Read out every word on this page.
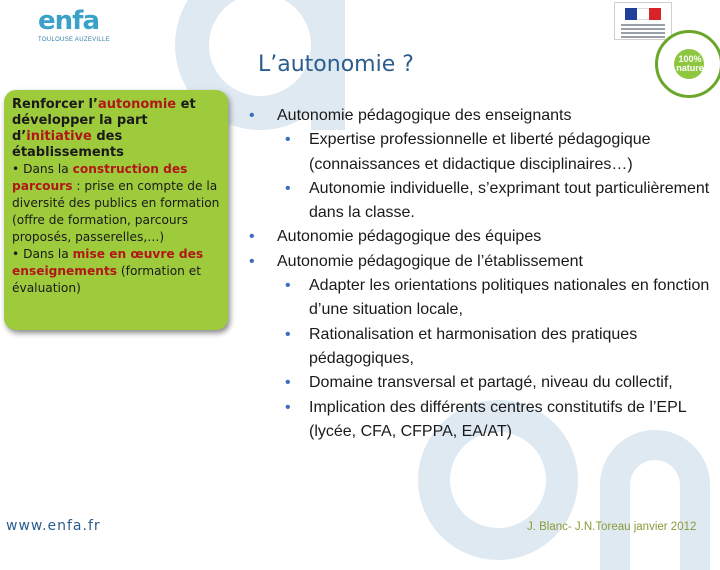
enfa
TOULOUSE AUZEVILLE
100% nature
L’autonomie ?
Renforcer l’autonomie et développer la part d’initiative des établissements
• Dans la construction des parcours : prise en compte de la diversité des publics en formation (offre de formation, parcours proposés, passerelles,…)
• Dans la mise en œuvre des enseignements (formation et évaluation)
• Autonomie pédagogique des enseignants
• Expertise professionnelle et liberté pédagogique (connaissances et didactique disciplinaires…)
• Autonomie individuelle, s’exprimant tout particulièrement dans la classe.
• Autonomie pédagogique des équipes
• Autonomie pédagogique de l’établissement
• Adapter les orientations politiques nationales en fonction d’une situation locale,
• Rationalisation et harmonisation des pratiques pédagogiques,
• Domaine transversal et partagé, niveau du collectif,
• Implication des différents centres constitutifs de l’EPL (lycée, CFA, CFPPA, EA/AT)
www.enfa.fr	J. Blanc- J.N.Toreau janvier 2012
